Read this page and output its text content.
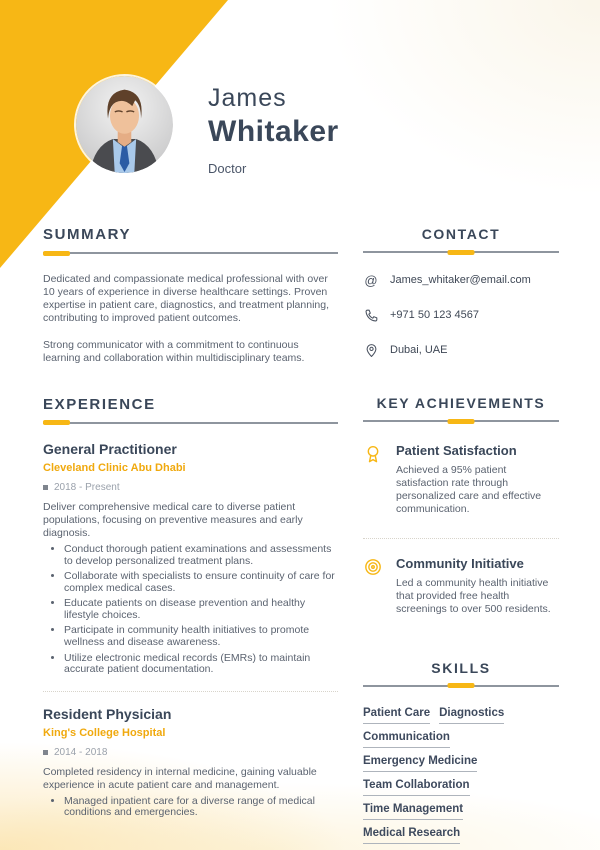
James
Whitaker
Doctor
SUMMARY

Dedicated and compassionate medical professional with over 10 years of experience in diverse healthcare settings. Proven expertise in patient care, diagnostics, and treatment planning, contributing to improved patient outcomes.

Strong communicator with a commitment to continuous learning and collaboration within multidisciplinary teams.

EXPERIENCE
General Practitioner
Cleveland Clinic Abu Dhabi
2018 - Present

Deliver comprehensive medical care to diverse patient populations, focusing on preventive measures and early diagnosis.

• Conduct thorough patient examinations and assessments to develop personalized treatment plans.
• Collaborate with specialists to ensure continuity of care for complex medical cases.
• Educate patients on disease prevention and healthy lifestyle choices.
• Participate in community health initiatives to promote wellness and disease awareness.
• Utilize electronic medical records (EMRs) to maintain accurate patient documentation.
Resident Physician
King's College Hospital
2014 - 2018

Completed residency in internal medicine, gaining valuable experience in acute patient care and management.

• Managed inpatient care for a diverse range of medical conditions and emergencies.
CONTACT
@ James_whitaker@email.com
+971 50 123 4567
Dubai, UAE
KEY ACHIEVEMENTS
Patient Satisfaction
Achieved a 95% patient satisfaction rate through personalized care and effective communication.
Community Initiative
Led a community health initiative that provided free health screenings to over 500 residents.
SKILLS
Patient Care Diagnostics
Communication
Emergency Medicine
Team Collaboration
Time Management
Medical Research
